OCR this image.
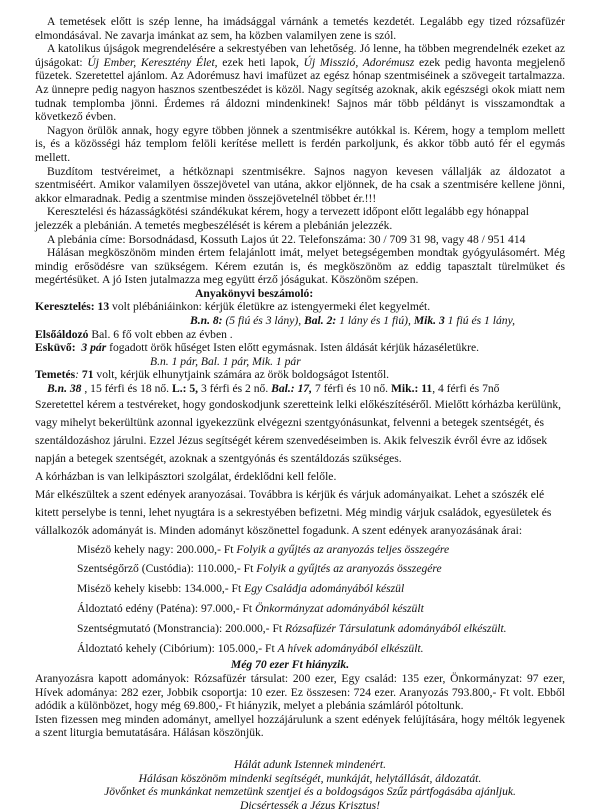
A temetések előtt is szép lenne, ha imádsággal várnánk a temetés kezdetét. Legalább egy tized rózsafüzér elmondásával. Ne zavarja imánkat az sem, ha közben valamilyen zene is szól.

A katolikus újságok megrendelésére a sekrestyében van lehetőség. Jó lenne, ha többen megrendelnék ezeket az újságokat: Új Ember, Keresztény Élet, ezek heti lapok, Új Misszió, Adorémusz ezek pedig havonta megjelenő füzetek. Szeretettel ajánlom. Az Adorémusz havi imafüzet az egész hónap szentmiséinek a szövegeit tartalmazza. Az ünnepre pedig nagyon hasznos szentbeszédet is közöl. Nagy segítség azoknak, akik egészségi okok miatt nem tudnak templomba jönni. Érdemes rá áldozni mindenkinek! Sajnos már több példányt is visszamondtak a következő évben.

Nagyon örülök annak, hogy egyre többen jönnek a szentmisékre autókkal is. Kérem, hogy a templom mellett is, és a közösségi ház templom felöli kerítése mellett is ferdén parkoljunk, és akkor több autó fér el egymás mellett.

Buzdítom testvéreimet, a hétköznapi szentmisékre. Sajnos nagyon kevesen vállalják az áldozatot a szentmiséért. Amikor valamilyen összejövetel van utána, akkor eljönnek, de ha csak a szentmisére kellene jönni, akkor elmaradnak. Pedig a szentmise minden összejövetelnél többet ér.!!!

Keresztelési és házasságkötési szándékukat kérem, hogy a tervezett időpont előtt legalább egy hónappal jelezzék a plebánián. A temetés megbeszélését is kérem a plebánián jelezzék.

A plebánia címe: Borsodnádasd, Kossuth Lajos út 22. Telefonszáma: 30 / 709 31 98, vagy 48 / 951 414

Hálásan megköszönöm minden értem felajánlott imát, melyet betegségemben mondtak gyógyulásomért. Még mindig erősödésre van szükségem. Kérem ezután is, és megköszönöm az eddig tapasztalt türelmüket és megértésüket. A jó Isten jutalmazza meg együtt érző jóságukat. Köszönöm szépen.

Anyakönyvi beszámoló:

Keresztelés: 13 volt plébániáinkon: kérjük életükre az istengyermeki élet kegyelmét.

B.n. 8: (5 fiú és 3 lány), Bal. 2: 1 lány és 1 fiú), Mik. 3 1 fiú és 1 lány,

Elsőáldozó Bal. 6 fő volt ebben az évben .

Esküvő: 3 pár fogadott örök hűséget Isten előtt egymásnak. Isten áldását kérjük házaséletükre.

B.n. 1 pár, Bal. 1 pár, Mik. 1 pár

Temetés: 71 volt, kérjük elhunytjaink számára az örök boldogságot Istentől.

B.n. 38 , 15 férfi és 18 nő. L.: 5, 3 férfi és 2 nő. Bal.: 17, 7 férfi és 10 nő. Mik.: 11, 4 férfi és 7nő

Szeretettel kérem a testvéreket, hogy gondoskodjunk szeretteink lelki előkészítéséről. Mielőtt kórházba kerülünk, vagy mihelyt bekerültünk azonnal igyekezzünk elvégezni szentgyónásunkat, felvenni a betegek szentségét, és szentáldozáshoz járulni. Ezzel Jézus segítségét kérem szenvedéseimben is. Akik felveszik évről évre az idősek napján a betegek szentségét, azoknak a szentgyónás és szentáldozás szükséges.

A kórházban is van lelkipásztori szolgálat, érdeklődni kell felőle.

Már elkészültek a szent edények aranyozásai. Továbbra is kérjük és várjuk adományaikat. Lehet a szószék elé kitett perselybe is tenni, lehet nyugtára is a sekrestyében befizetni. Még mindig várjuk családok, egyesületek és vállalkozók adományát is. Minden adományt köszönettel fogadunk. A szent edények aranyozásának árai:

Misézö kehely nagy: 200.000,- Ft Folyik a gyűjtés az aranyozás teljes összegére

Szentségőrző (Custódia): 110.000,- Ft Folyik a gyűjtés az aranyozás összegére

Misézö kehely kisebb: 134.000,- Ft Egy Családja adományából készül

Áldoztató edény (Paténa): 97.000,- Ft Önkormányzat adományából készült

Szentségmutató (Monstrancia): 200.000,- Ft Rózsafüzér Társulatunk adományából elkészült.

Áldoztató kehely (Cibórium): 105.000,- Ft A hívek adományából elkészült.

Még 70 ezer Ft hiányzik.

Aranyozásra kapott adományok: Rózsafüzér társulat: 200 ezer, Egy család: 135 ezer, Önkormányzat: 97 ezer, Hívek adománya: 282 ezer, Jobbik csoportja: 10 ezer. Ez összesen: 724 ezer. Aranyozás 793.800,- Ft volt. Ebből adódik a különbözet, hogy még 69.800,- Ft hiányzik, melyet a plebánia számláról pótoltunk.

Isten fizessen meg minden adományt, amellyel hozzájárulunk a szent edények felújítására, hogy méltók legyenek a szent liturgia bemutatására. Hálásan köszönjük.

Hálát adunk Istennek mindenért.

Hálásan köszönöm mindenki segítségét, munkáját, helytállását, áldozatát.

Jövőnket és munkánkat nemzetünk szentjei és a boldogságos Szűz pártfogásába ajánljuk.

Dicsértessék a Jézus Krisztus!
